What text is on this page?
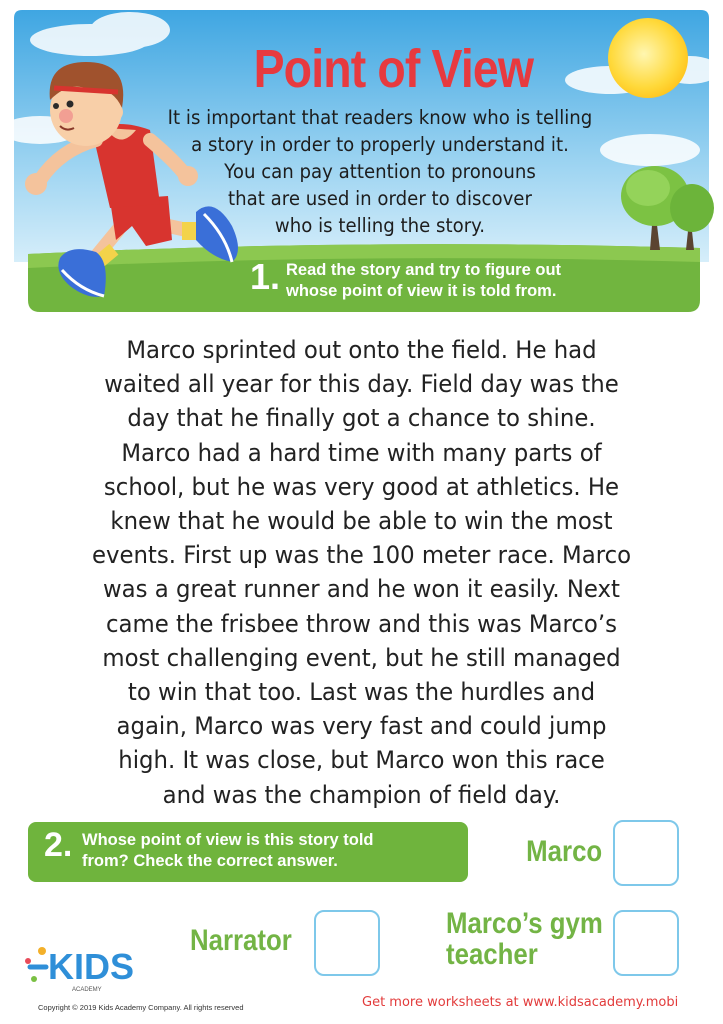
Point of View
It is important that readers know who is telling
a story in order to properly understand it.
You can pay attention to pronouns
that are used in order to discover
who is telling the story.
1. Read the story and try to figure out
whose point of view it is told from.
Marco sprinted out onto the field. He had
waited all year for this day. Field day was the
day that he finally got a chance to shine.
Marco had a hard time with many parts of
school, but he was very good at athletics. He
knew that he would be able to win the most
events. First up was the 100 meter race. Marco
was a great runner and he won it easily. Next
came the frisbee throw and this was Marco’s
most challenging event, but he still managed
to win that too. Last was the hurdles and
again, Marco was very fast and could jump
high. It was close, but Marco won this race
and was the champion of field day.
2. Whose point of view is this story told
from? Check the correct answer.	Marco
Narrator
Marco’s gym
teacher
KIDS
ACADEMY
Copyright © 2019 Kids Academy Company. All rights reserved	Get more worksheets at www.kidsacademy.mobi
